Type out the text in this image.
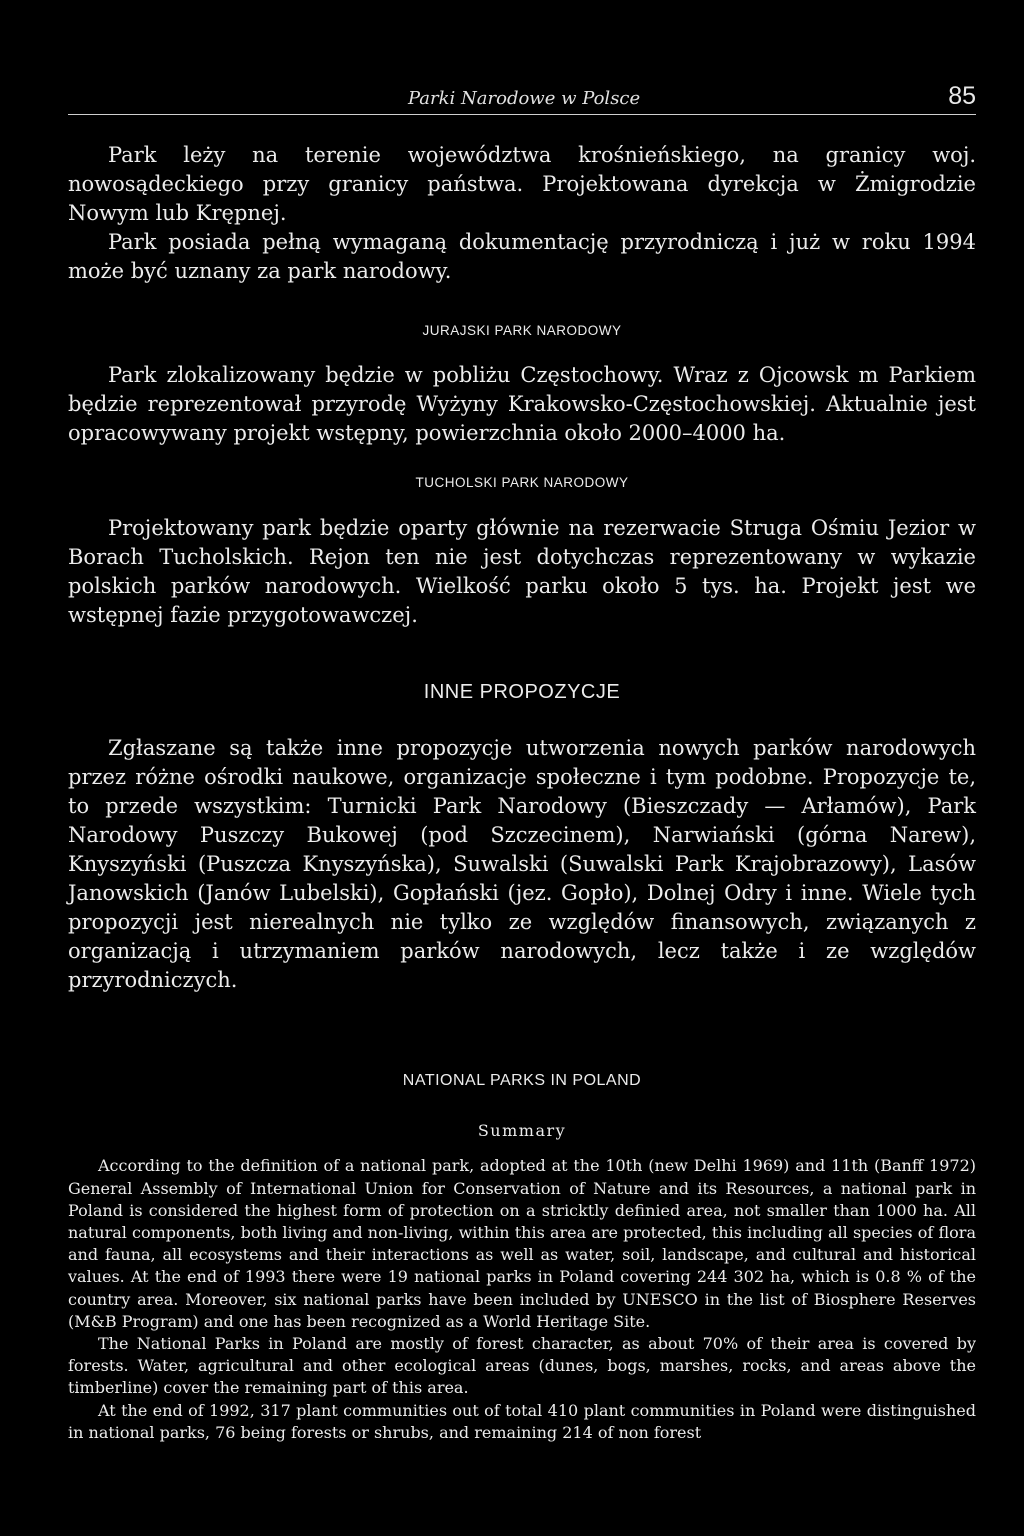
Parki Narodowe w Polsce	85

Park leży na terenie województwa krośnieńskiego, na granicy woj. nowosądeckiego przy granicy państwa. Projektowana dyrekcja w Żmigrodzie Nowym lub Krępnej.

Park posiada pełną wymaganą dokumentację przyrodniczą i już w roku 1994 może być uznany za park narodowy.

JURAJSKI PARK NARODOWY

Park zlokalizowany będzie w pobliżu Częstochowy. Wraz z Ojcowsk m Parkiem będzie reprezentował przyrodę Wyżyny Krakowsko-Częstochowskiej. Aktualnie jest opracowywany projekt wstępny, powierzchnia około 2000–4000 ha.

TUCHOLSKI PARK NARODOWY

Projektowany park będzie oparty głównie na rezerwacie Struga Ośmiu Jezior w Borach Tucholskich. Rejon ten nie jest dotychczas reprezentowany w wykazie polskich parków narodowych. Wielkość parku około 5 tys. ha. Projekt jest we wstępnej fazie przygotowawczej.

INNE PROPOZYCJE

Zgłaszane są także inne propozycje utworzenia nowych parków narodowych przez różne ośrodki naukowe, organizacje społeczne i tym podobne. Propozycje te, to przede wszystkim: Turnicki Park Narodowy (Bieszczady — Arłamów), Park Narodowy Puszczy Bukowej (pod Szczecinem), Narwiański (górna Narew), Knyszyński (Puszcza Knyszyńska), Suwalski (Suwalski Park Krajobrazowy), Lasów Janowskich (Janów Lubelski), Gopłański (jez. Gopło), Dolnej Odry i inne. Wiele tych propozycji jest nierealnych nie tylko ze względów finansowych, związanych z organizacją i utrzymaniem parków narodowych, lecz także i ze względów przyrodniczych.

NATIONAL PARKS IN POLAND

Summary

According to the definition of a national park, adopted at the 10th (new Delhi 1969) and 11th (Banff 1972) General Assembly of International Union for Conservation of Nature and its Resources, a national park in Poland is considered the highest form of protection on a stricktly definied area, not smaller than 1000 ha. All natural components, both living and non-living, within this area are protected, this including all species of flora and fauna, all ecosystems and their interactions as well as water, soil, landscape, and cultural and historical values. At the end of 1993 there were 19 national parks in Poland covering 244 302 ha, which is 0.8 % of the country area. Moreover, six national parks have been included by UNESCO in the list of Biosphere Reserves (M&B Program) and one has been recognized as a World Heritage Site.

The National Parks in Poland are mostly of forest character, as about 70% of their area is covered by forests. Water, agricultural and other ecological areas (dunes, bogs, marshes, rocks, and areas above the timberline) cover the remaining part of this area.

At the end of 1992, 317 plant communities out of total 410 plant communities in Poland were distinguished in national parks, 76 being forests or shrubs, and remaining 214 of non forest
